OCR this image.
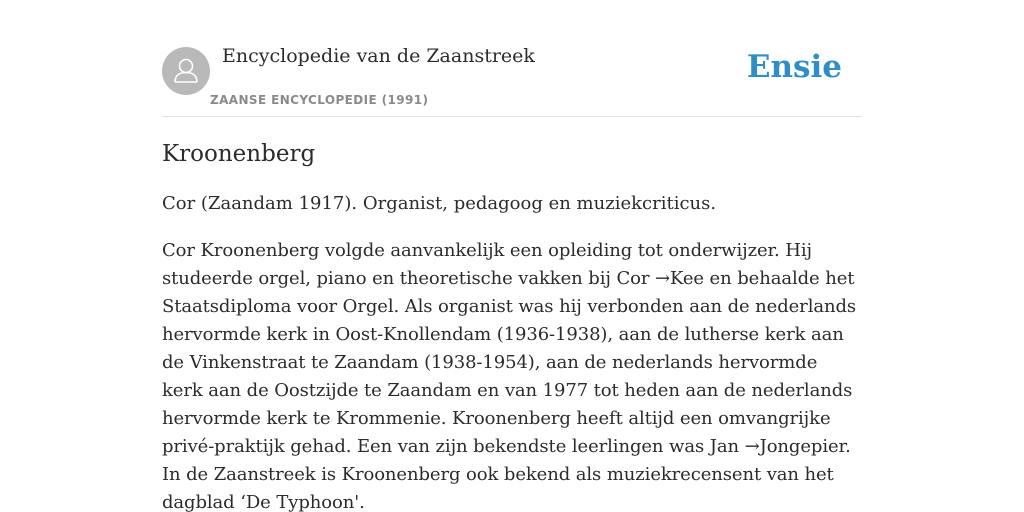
Encyclopedie van de Zaanstreek
ZAANSE ENCYCLOPEDIE (1991)
Ensie
Kroonenberg

Cor (Zaandam 1917). Organist, pedagoog en muziekcriticus.

Cor Kroonenberg volgde aanvankelijk een opleiding tot onderwijzer. Hij studeerde orgel, piano en theoretische vakken bij Cor →Kee en behaalde het Staatsdiploma voor Orgel. Als organist was hij verbonden aan de nederlands hervormde kerk in Oost-Knollendam (1936-1938), aan de lutherse kerk aan de Vinkenstraat te Zaandam (1938-1954), aan de nederlands hervormde kerk aan de Oostzijde te Zaandam en van 1977 tot heden aan de nederlands hervormde kerk te Krommenie. Kroonenberg heeft altijd een omvangrijke privé-praktijk gehad. Een van zijn bekendste leerlingen was Jan →Jongepier. In de Zaanstreek is Kroonenberg ook bekend als muziekrecensent van het dagblad ‘De Typhoon'.
